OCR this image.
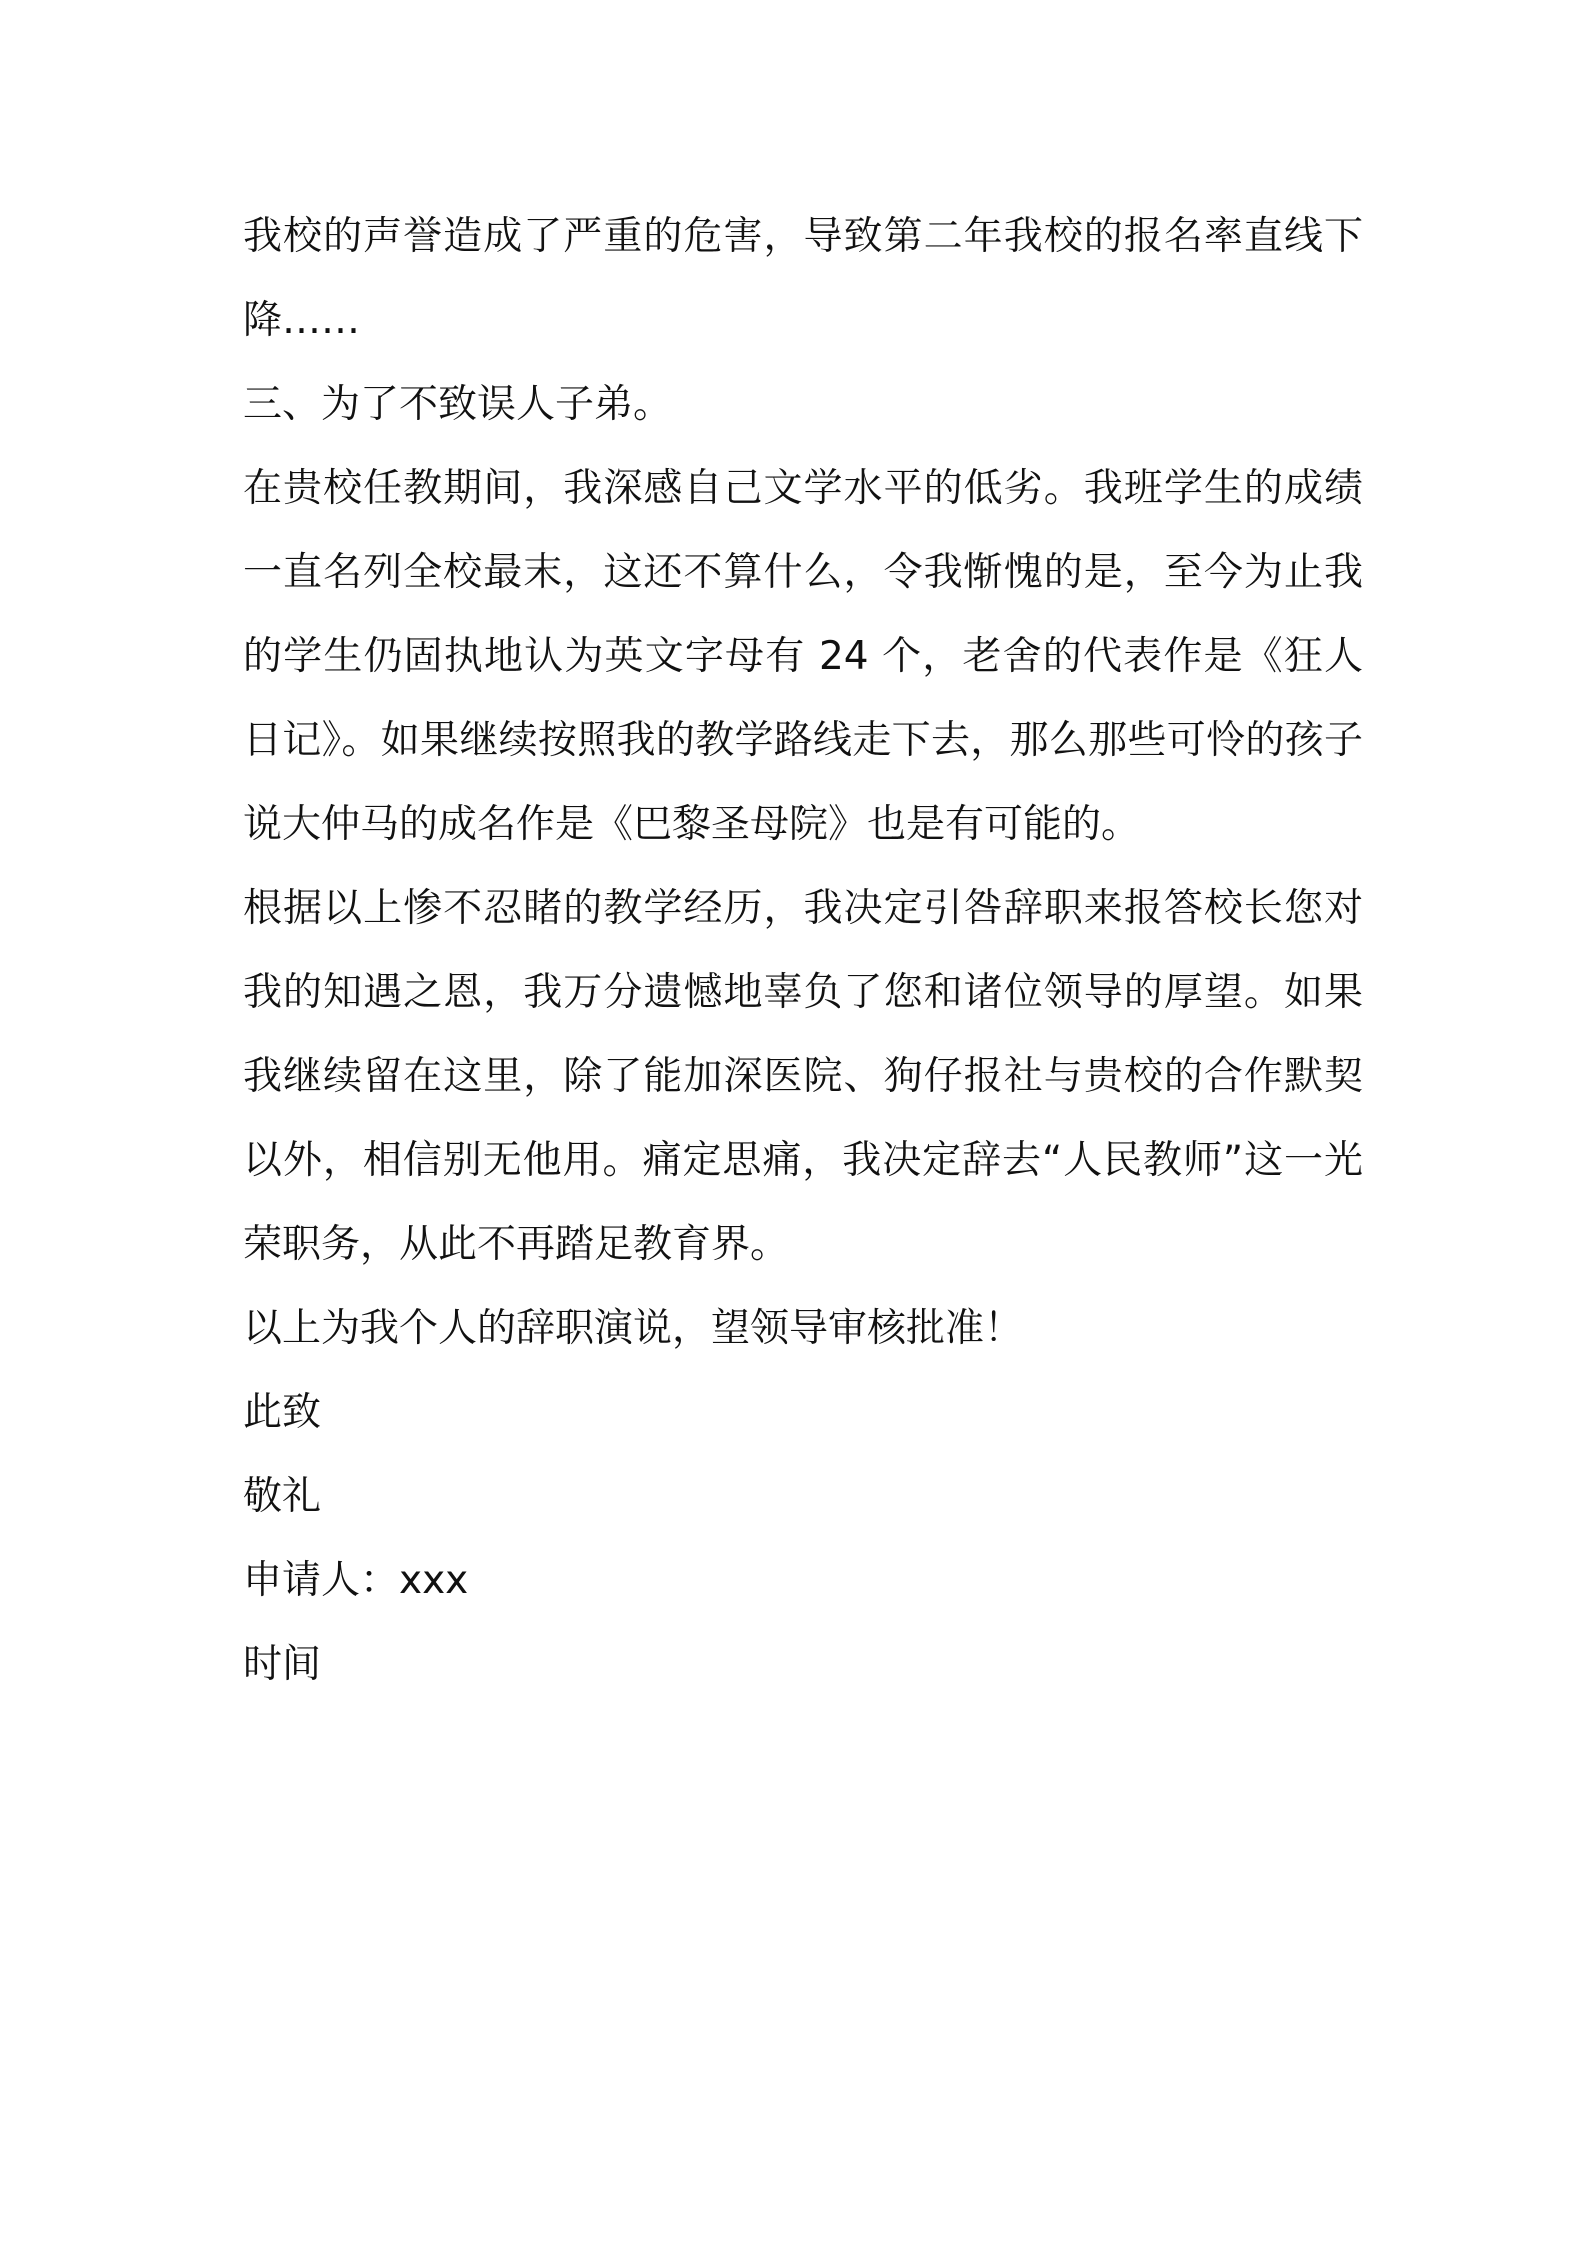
我校的声誉造成了严重的危害，导致第二年我校的报名率直线下降……

三、为了不致误人子弟。

在贵校任教期间，我深感自己文学水平的低劣。我班学生的成绩一直名列全校最末，这还不算什么，令我惭愧的是，至今为止我的学生仍固执地认为英文字母有 24 个，老舍的代表作是《狂人日记》。如果继续按照我的教学路线走下去，那么那些可怜的孩子说大仲马的成名作是《巴黎圣母院》也是有可能的。

根据以上惨不忍睹的教学经历，我决定引咎辞职来报答校长您对我的知遇之恩，我万分遗憾地辜负了您和诸位领导的厚望。如果我继续留在这里，除了能加深医院、狗仔报社与贵校的合作默契以外，相信别无他用。痛定思痛，我决定辞去“人民教师”这一光荣职务，从此不再踏足教育界。

以上为我个人的辞职演说，望领导审核批准！

此致

敬礼

申请人：xxx

时间
